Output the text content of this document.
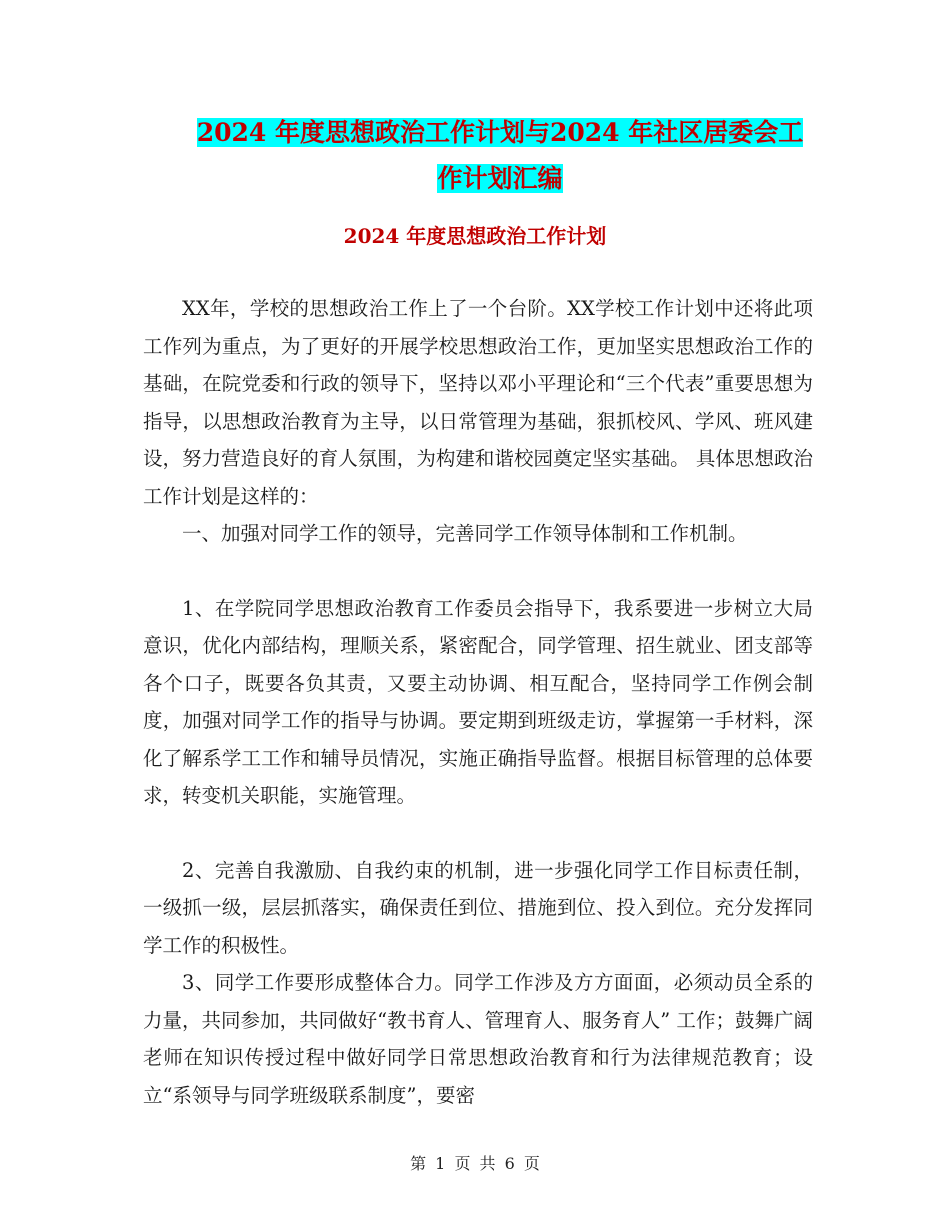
2024 年度思想政治工作计划与2024 年社区居委会工作计划汇编
2024 年度思想政治工作计划

XX年，学校的思想政治工作上了一个台阶。XX学校工作计划中还将此项工作列为重点，为了更好的开展学校思想政治工作，更加坚实思想政治工作的基础，在院党委和行政的领导下，坚持以邓小平理论和“三个代表”重要思想为指导，以思想政治教育为主导，以日常管理为基础，狠抓校风、学风、班风建设，努力营造良好的育人氛围，为构建和谐校园奠定坚实基础。 具体思想政治工作计划是这样的：

一、加强对同学工作的领导，完善同学工作领导体制和工作机制。

1、在学院同学思想政治教育工作委员会指导下，我系要进一步树立大局意识，优化内部结构，理顺关系，紧密配合，同学管理、招生就业、团支部等各个口子，既要各负其责，又要主动协调、相互配合，坚持同学工作例会制度，加强对同学工作的指导与协调。要定期到班级走访，掌握第一手材料，深化了解系学工工作和辅导员情况，实施正确指导监督。根据目标管理的总体要求，转变机关职能，实施管理。

2、完善自我激励、自我约束的机制，进一步强化同学工作目标责任制，一级抓一级，层层抓落实，确保责任到位、措施到位、投入到位。充分发挥同学工作的积极性。

3、同学工作要形成整体合力。同学工作涉及方方面面，必须动员全系的力量，共同参加，共同做好“教书育人、管理育人、服务育人” 工作；鼓舞广阔老师在知识传授过程中做好同学日常思想政治教育和行为法律规范教育；设立“系领导与同学班级联系制度”，要密

第 1 页 共 6 页
